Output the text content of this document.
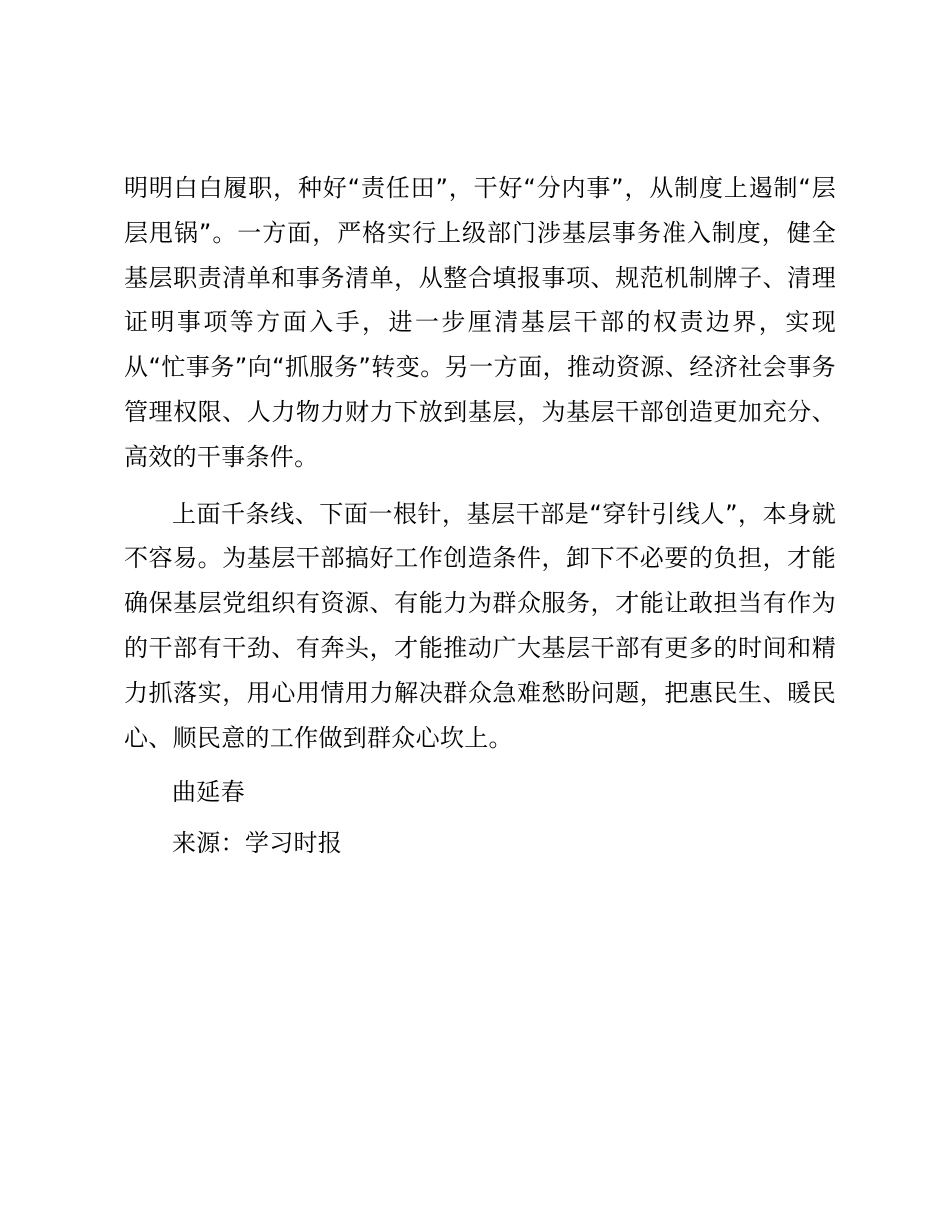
明明白白履职，种好“责任田”，干好“分内事”，从制度上遏制“层层甩锅”。一方面，严格实行上级部门涉基层事务准入制度，健全基层职责清单和事务清单，从整合填报事项、规范机制牌子、清理证明事项等方面入手，进一步厘清基层干部的权责边界，实现从“忙事务”向“抓服务”转变。另一方面，推动资源、经济社会事务管理权限、人力物力财力下放到基层，为基层干部创造更加充分、高效的干事条件。

上面千条线、下面一根针，基层干部是“穿针引线人”，本身就不容易。为基层干部搞好工作创造条件，卸下不必要的负担，才能确保基层党组织有资源、有能力为群众服务，才能让敢担当有作为的干部有干劲、有奔头，才能推动广大基层干部有更多的时间和精力抓落实，用心用情用力解决群众急难愁盼问题，把惠民生、暖民心、顺民意的工作做到群众心坎上。

曲延春

来源：学习时报
